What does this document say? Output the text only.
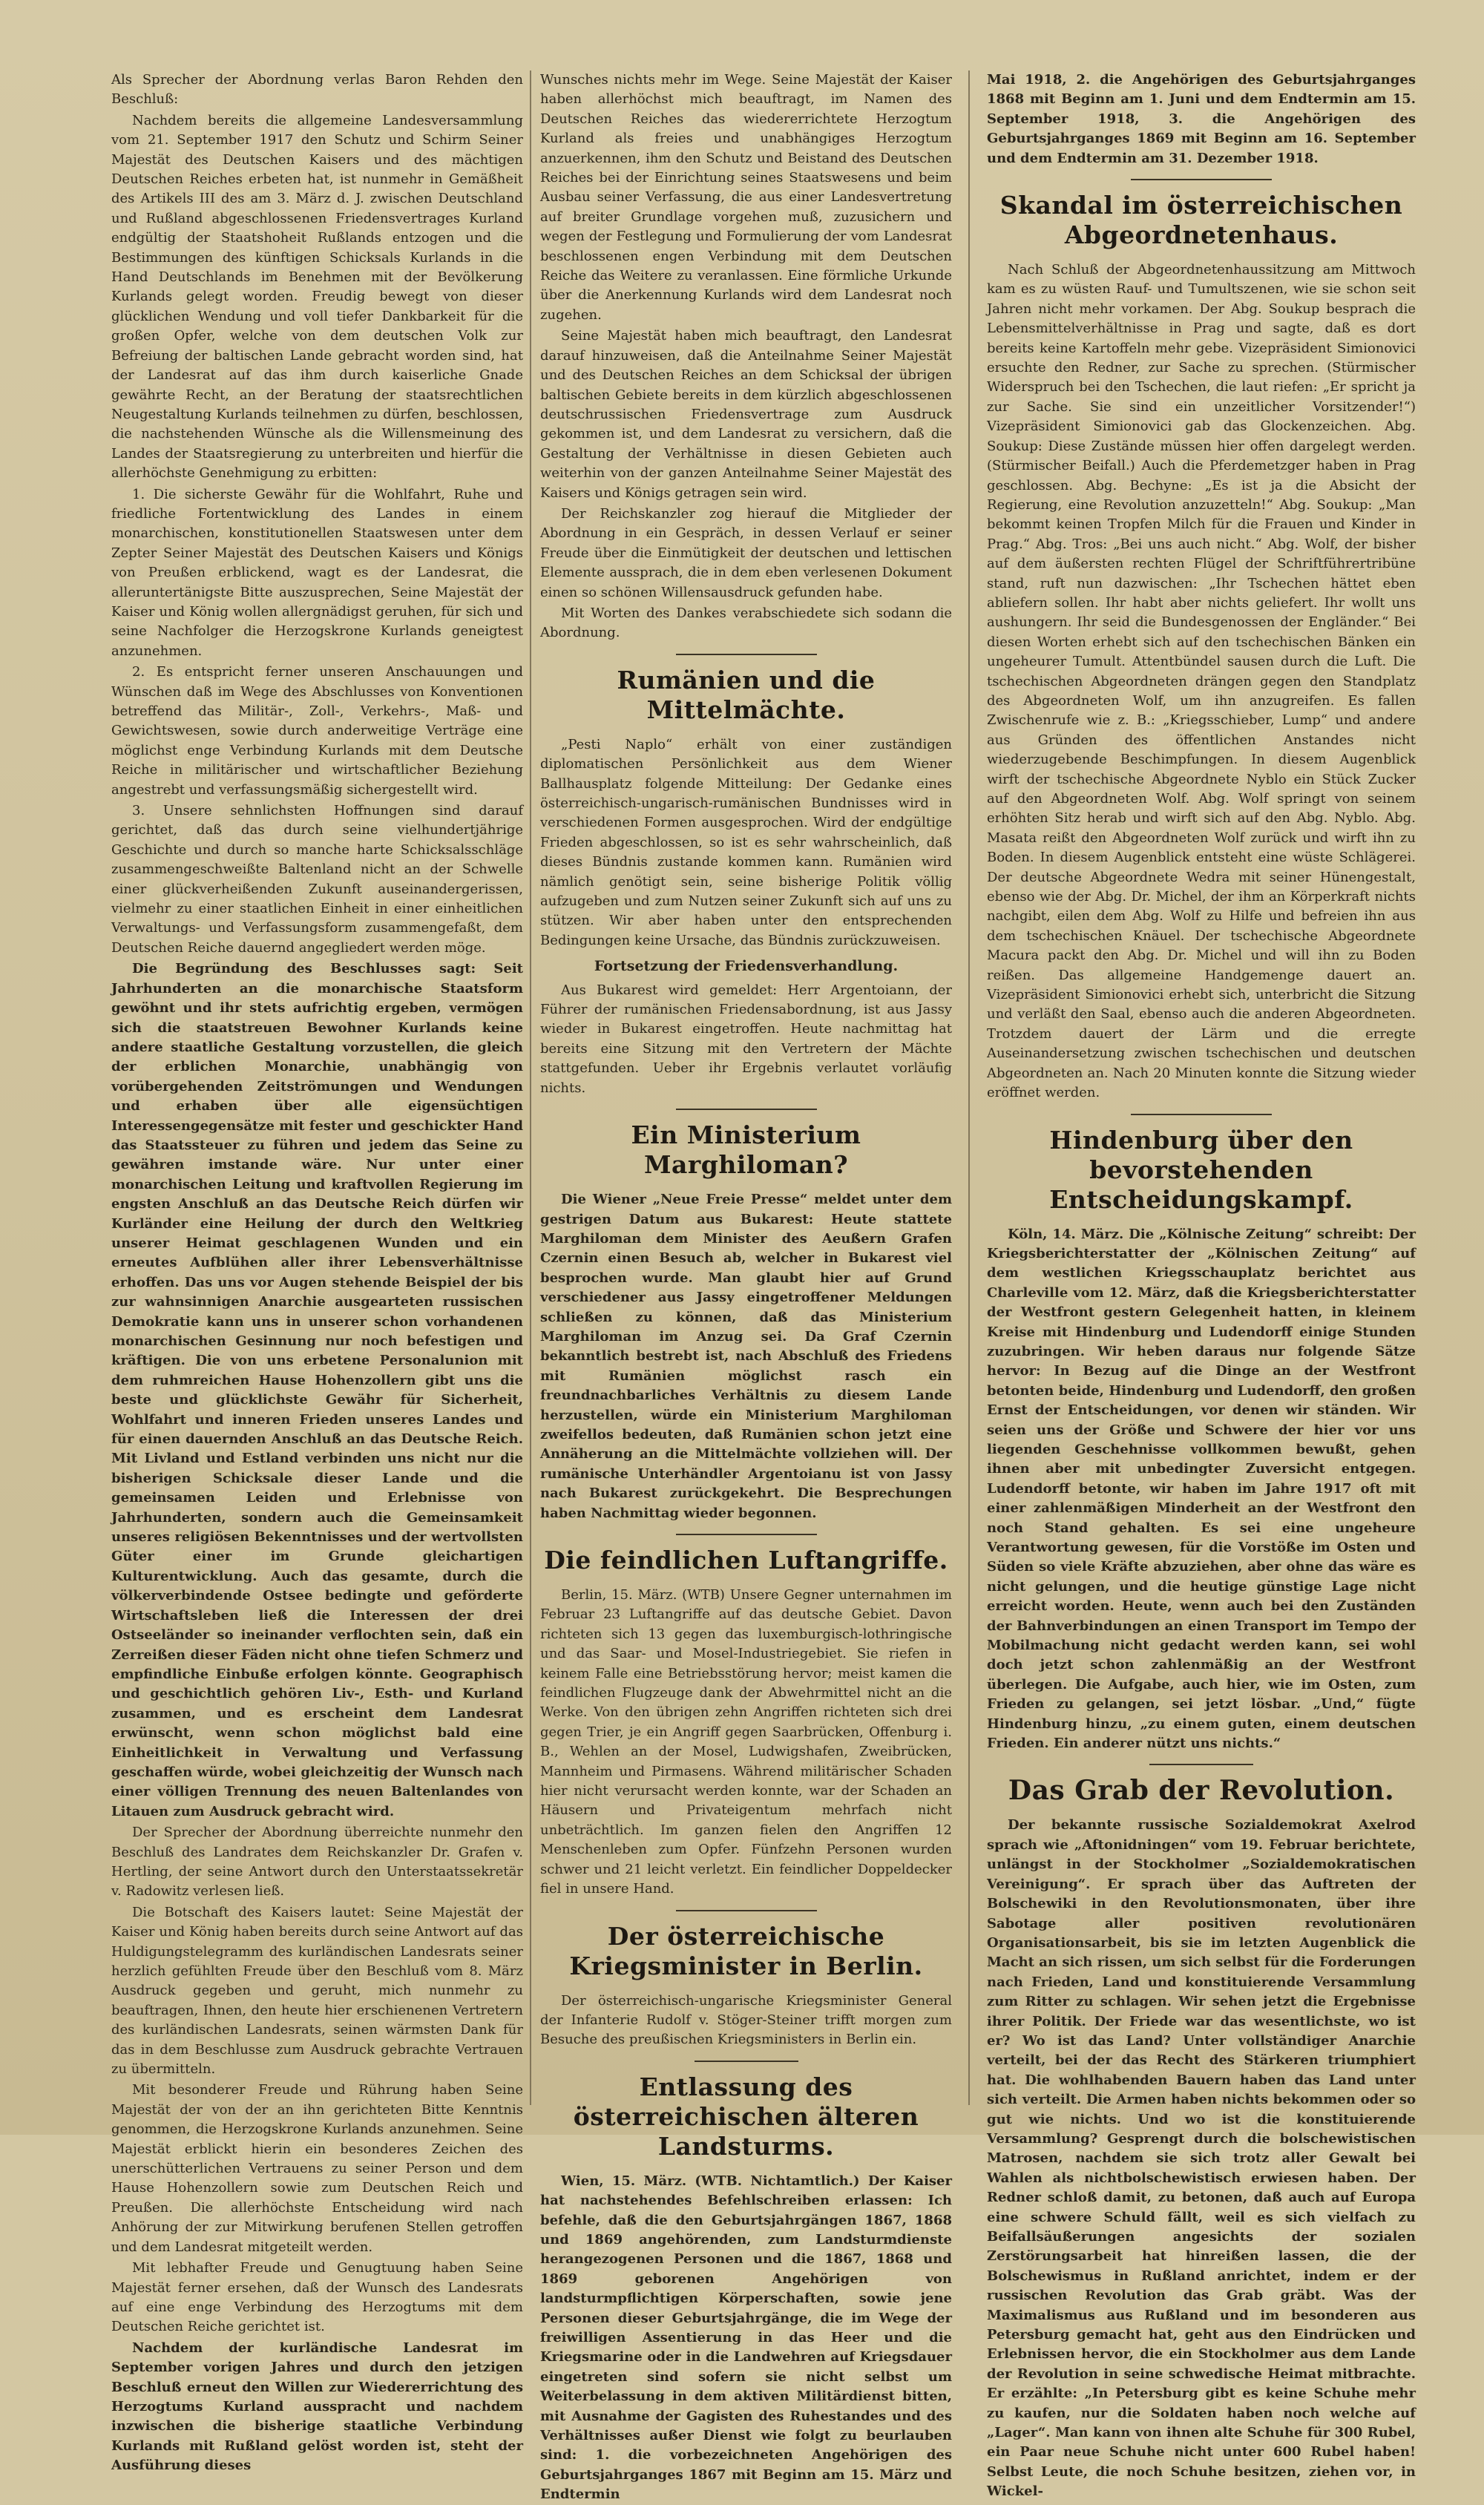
Als Sprecher der Abordnung verlas Baron Rehden den Beschluß:

Nachdem bereits die allgemeine Landesversammlung vom 21. September 1917 den Schutz und Schirm Seiner Majestät des Deutschen Kaisers und des mächtigen Deutschen Reiches erbeten hat, ist nunmehr in Gemäßheit des Artikels III des am 3. März d. J. zwischen Deutschland und Rußland abgeschlossenen Friedensvertrages Kurland endgültig der Staatshoheit Rußlands entzogen und die Bestimmungen des künftigen Schicksals Kurlands in die Hand Deutschlands im Benehmen mit der Bevölkerung Kurlands gelegt worden. Freudig bewegt von dieser glücklichen Wendung und voll tiefer Dankbarkeit für die großen Opfer, welche von dem deutschen Volk zur Befreiung der baltischen Lande gebracht worden sind, hat der Landesrat auf das ihm durch kaiserliche Gnade gewährte Recht, an der Beratung der staatsrechtlichen Neugestaltung Kurlands teilnehmen zu dürfen, beschlossen, die nachstehenden Wünsche als die Willensmeinung des Landes der Staatsregierung zu unterbreiten und hierfür die allerhöchste Genehmigung zu erbitten:

1. Die sicherste Gewähr für die Wohlfahrt, Ruhe und friedliche Fortentwicklung des Landes in einem monarchischen, konstitutionellen Staatswesen unter dem Zepter Seiner Majestät des Deutschen Kaisers und Königs von Preußen erblickend, wagt es der Landesrat, die alleruntertänigste Bitte auszusprechen, Seine Majestät der Kaiser und König wollen allergnädigst geruhen, für sich und seine Nachfolger die Herzogskrone Kurlands geneigtest anzunehmen.

2. Es entspricht ferner unseren Anschauungen und Wünschen daß im Wege des Abschlusses von Konventionen betreffend das Militär-, Zoll-, Verkehrs-, Maß- und Gewichtswesen, sowie durch anderweitige Verträge eine möglichst enge Verbindung Kurlands mit dem Deutsche Reiche in militärischer und wirtschaftlicher Beziehung angestrebt und verfassungsmäßig sichergestellt wird.

3. Unsere sehnlichsten Hoffnungen sind darauf gerichtet, daß das durch seine vielhundertjährige Geschichte und durch so manche harte Schicksalsschläge zusammengeschweißte Baltenland nicht an der Schwelle einer glückverheißenden Zukunft auseinandergerissen, vielmehr zu einer staatlichen Einheit in einer einheitlichen Verwaltungs- und Verfassungsform zusammengefaßt, dem Deutschen Reiche dauernd angegliedert werden möge.

Die Begründung des Beschlusses sagt: Seit Jahrhunderten an die monarchische Staatsform gewöhnt und ihr stets aufrichtig ergeben, vermögen sich die staatstreuen Bewohner Kurlands keine andere staatliche Gestaltung vorzustellen, die gleich der erblichen Monarchie, unabhängig von vorübergehenden Zeitströmungen und Wendungen und erhaben über alle eigensüchtigen Interessengegensätze mit fester und geschickter Hand das Staatssteuer zu führen und jedem das Seine zu gewähren imstande wäre. Nur unter einer monarchischen Leitung und kraftvollen Regierung im engsten Anschluß an das Deutsche Reich dürfen wir Kurländer eine Heilung der durch den Weltkrieg unserer Heimat geschlagenen Wunden und ein erneutes Aufblühen aller ihrer Lebensverhältnisse erhoffen. Das uns vor Augen stehende Beispiel der bis zur wahnsinnigen Anarchie ausgearteten russischen Demokratie kann uns in unserer schon vorhandenen monarchischen Gesinnung nur noch befestigen und kräftigen. Die von uns erbetene Personalunion mit dem ruhmreichen Hause Hohenzollern gibt uns die beste und glücklichste Gewähr für Sicherheit, Wohlfahrt und inneren Frieden unseres Landes und für einen dauernden Anschluß an das Deutsche Reich. Mit Livland und Estland verbinden uns nicht nur die bisherigen Schicksale dieser Lande und die gemeinsamen Leiden und Erlebnisse von Jahrhunderten, sondern auch die Gemeinsamkeit unseres religiösen Bekenntnisses und der wertvollsten Güter einer im Grunde gleichartigen Kulturentwicklung. Auch das gesamte, durch die völkerverbindende Ostsee bedingte und geförderte Wirtschaftsleben ließ die Interessen der drei Ostseeländer so ineinander verflochten sein, daß ein Zerreißen dieser Fäden nicht ohne tiefen Schmerz und empfindliche Einbuße erfolgen könnte. Geographisch und geschichtlich gehören Liv-, Esth- und Kurland zusammen, und es erscheint dem Landesrat erwünscht, wenn schon möglichst bald eine Einheitlichkeit in Verwaltung und Verfassung geschaffen würde, wobei gleichzeitig der Wunsch nach einer völligen Trennung des neuen Baltenlandes von Litauen zum Ausdruck gebracht wird.

Der Sprecher der Abordnung überreichte nunmehr den Beschluß des Landrates dem Reichskanzler Dr. Grafen v. Hertling, der seine Antwort durch den Unterstaatssekretär v. Radowitz verlesen ließ.

Die Botschaft des Kaisers lautet: Seine Majestät der Kaiser und König haben bereits durch seine Antwort auf das Huldigungstelegramm des kurländischen Landesrats seiner herzlich gefühlten Freude über den Beschluß vom 8. März Ausdruck gegeben und geruht, mich nunmehr zu beauftragen, Ihnen, den heute hier erschienenen Vertretern des kurländischen Landesrats, seinen wärmsten Dank für das in dem Beschlusse zum Ausdruck gebrachte Vertrauen zu übermitteln.

Mit besonderer Freude und Rührung haben Seine Majestät der von der an ihn gerichteten Bitte Kenntnis genommen, die Herzogskrone Kurlands anzunehmen. Seine Majestät erblickt hierin ein besonderes Zeichen des unerschütterlichen Vertrauens zu seiner Person und dem Hause Hohenzollern sowie zum Deutschen Reich und Preußen. Die allerhöchste Entscheidung wird nach Anhörung der zur Mitwirkung berufenen Stellen getroffen und dem Landesrat mitgeteilt werden.

Mit lebhafter Freude und Genugtuung haben Seine Majestät ferner ersehen, daß der Wunsch des Landesrats auf eine enge Verbindung des Herzogtums mit dem Deutschen Reiche gerichtet ist.

Nachdem der kurländische Landesrat im September vorigen Jahres und durch den jetzigen Beschluß erneut den Willen zur Wiedererrichtung des Herzogtums Kurland ausspracht und nachdem inzwischen die bisherige staatliche Verbindung Kurlands mit Rußland gelöst worden ist, steht der Ausführung dieses

Wunsches nichts mehr im Wege. Seine Majestät der Kaiser haben allerhöchst mich beauftragt, im Namen des Deutschen Reiches das wiedererrichtete Herzogtum Kurland als freies und unabhängiges Herzogtum anzuerkennen, ihm den Schutz und Beistand des Deutschen Reiches bei der Einrichtung seines Staatswesens und beim Ausbau seiner Verfassung, die aus einer Landesvertretung auf breiter Grundlage vorgehen muß, zuzusichern und wegen der Festlegung und Formulierung der vom Landesrat beschlossenen engen Verbindung mit dem Deutschen Reiche das Weitere zu veranlassen. Eine förmliche Urkunde über die Anerkennung Kurlands wird dem Landesrat noch zugehen.

Seine Majestät haben mich beauftragt, den Landesrat darauf hinzuweisen, daß die Anteilnahme Seiner Majestät und des Deutschen Reiches an dem Schicksal der übrigen baltischen Gebiete bereits in dem kürzlich abgeschlossenen deutschrussischen Friedensvertrage zum Ausdruck gekommen ist, und dem Landesrat zu versichern, daß die Gestaltung der Verhältnisse in diesen Gebieten auch weiterhin von der ganzen Anteilnahme Seiner Majestät des Kaisers und Königs getragen sein wird.

Der Reichskanzler zog hierauf die Mitglieder der Abordnung in ein Gespräch, in dessen Verlauf er seiner Freude über die Einmütigkeit der deutschen und lettischen Elemente aussprach, die in dem eben verlesenen Dokument einen so schönen Willensausdruck gefunden habe.

Mit Worten des Dankes verabschiedete sich sodann die Abordnung.

Rumänien und die Mittelmächte.

„Pesti Naplo“ erhält von einer zuständigen diplomatischen Persönlichkeit aus dem Wiener Ballhausplatz folgende Mitteilung: Der Gedanke eines österreichisch-ungarisch-rumänischen Bundnisses wird in verschiedenen Formen ausgesprochen. Wird der endgültige Frieden abgeschlossen, so ist es sehr wahrscheinlich, daß dieses Bündnis zustande kommen kann. Rumänien wird nämlich genötigt sein, seine bisherige Politik völlig aufzugeben und zum Nutzen seiner Zukunft sich auf uns zu stützen. Wir aber haben unter den entsprechenden Bedingungen keine Ursache, das Bündnis zurückzuweisen.

Fortsetzung der Friedensverhandlung.

Aus Bukarest wird gemeldet: Herr Argentoiann, der Führer der rumänischen Friedensabordnung, ist aus Jassy wieder in Bukarest eingetroffen. Heute nachmittag hat bereits eine Sitzung mit den Vertretern der Mächte stattgefunden. Ueber ihr Ergebnis verlautet vorläufig nichts.

Ein Ministerium Marghiloman?

Die Wiener „Neue Freie Presse“ meldet unter dem gestrigen Datum aus Bukarest: Heute stattete Marghiloman dem Minister des Aeußern Grafen Czernin einen Besuch ab, welcher in Bukarest viel besprochen wurde. Man glaubt hier auf Grund verschiedener aus Jassy eingetroffener Meldungen schließen zu können, daß das Ministerium Marghiloman im Anzug sei. Da Graf Czernin bekanntlich bestrebt ist, nach Abschluß des Friedens mit Rumänien möglichst rasch ein freundnachbarliches Verhältnis zu diesem Lande herzustellen, würde ein Ministerium Marghiloman zweifellos bedeuten, daß Rumänien schon jetzt eine Annäherung an die Mittelmächte vollziehen will. Der rumänische Unterhändler Argentoianu ist von Jassy nach Bukarest zurückgekehrt. Die Besprechungen haben Nachmittag wieder begonnen.

Die feindlichen Luftangriffe.

Berlin, 15. März. (WTB) Unsere Gegner unternahmen im Februar 23 Luftangriffe auf das deutsche Gebiet. Davon richteten sich 13 gegen das luxemburgisch-lothringische und das Saar- und Mosel-Industriegebiet. Sie riefen in keinem Falle eine Betriebsstörung hervor; meist kamen die feindlichen Flugzeuge dank der Abwehrmittel nicht an die Werke. Von den übrigen zehn Angriffen richteten sich drei gegen Trier, je ein Angriff gegen Saarbrücken, Offenburg i. B., Wehlen an der Mosel, Ludwigshafen, Zweibrücken, Mannheim und Pirmasens. Während militärischer Schaden hier nicht verursacht werden konnte, war der Schaden an Häusern und Privateigentum mehrfach nicht unbeträchtlich. Im ganzen fielen den Angriffen 12 Menschenleben zum Opfer. Fünfzehn Personen wurden schwer und 21 leicht verletzt. Ein feindlicher Doppeldecker fiel in unsere Hand.

Der österreichische Kriegsminister in Berlin.

Der österreichisch-ungarische Kriegsminister General der Infanterie Rudolf v. Stöger-Steiner trifft morgen zum Besuche des preußischen Kriegsministers in Berlin ein.

Entlassung des österreichischen älteren Landsturms.

Wien, 15. März. (WTB. Nichtamtlich.) Der Kaiser hat nachstehendes Befehlschreiben erlassen: Ich befehle, daß die den Geburtsjahrgängen 1867, 1868 und 1869 angehörenden, zum Landsturmdienste herangezogenen Personen und die 1867, 1868 und 1869 geborenen Angehörigen von landsturmpflichtigen Körperschaften, sowie jene Personen dieser Geburtsjahrgänge, die im Wege der freiwilligen Assentierung in das Heer und die Kriegsmarine oder in die Landwehren auf Kriegsdauer eingetreten sind sofern sie nicht selbst um Weiterbelassung in dem aktiven Militärdienst bitten, mit Ausnahme der Gagisten des Ruhestandes und des Verhältnisses außer Dienst wie folgt zu beurlauben sind: 1. die vorbezeichneten Angehörigen des Geburtsjahrganges 1867 mit Beginn am 15. März und Endtermin

Mai 1918, 2. die Angehörigen des Geburtsjahrganges 1868 mit Beginn am 1. Juni und dem Endtermin am 15. September 1918, 3. die Angehörigen des Geburtsjahrganges 1869 mit Beginn am 16. September und dem Endtermin am 31. Dezember 1918.

Skandal im österreichischen Abgeordnetenhaus.

Nach Schluß der Abgeordnetenhaussitzung am Mittwoch kam es zu wüsten Rauf- und Tumultszenen, wie sie schon seit Jahren nicht mehr vorkamen. Der Abg. Soukup besprach die Lebensmittelverhältnisse in Prag und sagte, daß es dort bereits keine Kartoffeln mehr gebe. Vizepräsident Simionovici ersuchte den Redner, zur Sache zu sprechen. (Stürmischer Widerspruch bei den Tschechen, die laut riefen: „Er spricht ja zur Sache. Sie sind ein unzeitlicher Vorsitzender!“) Vizepräsident Simionovici gab das Glockenzeichen. Abg. Soukup: Diese Zustände müssen hier offen dargelegt werden. (Stürmischer Beifall.) Auch die Pferdemetzger haben in Prag geschlossen. Abg. Bechyne: „Es ist ja die Absicht der Regierung, eine Revolution anzuzetteln!“ Abg. Soukup: „Man bekommt keinen Tropfen Milch für die Frauen und Kinder in Prag.“ Abg. Tros: „Bei uns auch nicht.“ Abg. Wolf, der bisher auf dem äußersten rechten Flügel der Schriftführertribüne stand, ruft nun dazwischen: „Ihr Tschechen hättet eben abliefern sollen. Ihr habt aber nichts geliefert. Ihr wollt uns aushungern. Ihr seid die Bundesgenossen der Engländer.“ Bei diesen Worten erhebt sich auf den tschechischen Bänken ein ungeheurer Tumult. Attentbündel sausen durch die Luft. Die tschechischen Abgeordneten drängen gegen den Standplatz des Abgeordneten Wolf, um ihn anzugreifen. Es fallen Zwischenrufe wie z. B.: „Kriegsschieber, Lump“ und andere aus Gründen des öffentlichen Anstandes nicht wiederzugebende Beschimpfungen. In diesem Augenblick wirft der tschechische Abgeordnete Nyblo ein Stück Zucker auf den Abgeordneten Wolf. Abg. Wolf springt von seinem erhöhten Sitz herab und wirft sich auf den Abg. Nyblo. Abg. Masata reißt den Abgeordneten Wolf zurück und wirft ihn zu Boden. In diesem Augenblick entsteht eine wüste Schlägerei. Der deutsche Abgeordnete Wedra mit seiner Hünengestalt, ebenso wie der Abg. Dr. Michel, der ihm an Körperkraft nichts nachgibt, eilen dem Abg. Wolf zu Hilfe und befreien ihn aus dem tschechischen Knäuel. Der tschechische Abgeordnete Macura packt den Abg. Dr. Michel und will ihn zu Boden reißen. Das allgemeine Handgemenge dauert an. Vizepräsident Simionovici erhebt sich, unterbricht die Sitzung und verläßt den Saal, ebenso auch die anderen Abgeordneten. Trotzdem dauert der Lärm und die erregte Auseinandersetzung zwischen tschechischen und deutschen Abgeordneten an. Nach 20 Minuten konnte die Sitzung wieder eröffnet werden.

Hindenburg über den bevorstehenden Entscheidungskampf.

Köln, 14. März. Die „Kölnische Zeitung“ schreibt: Der Kriegsberichterstatter der „Kölnischen Zeitung“ auf dem westlichen Kriegsschauplatz berichtet aus Charleville vom 12. März, daß die Kriegsberichterstatter der Westfront gestern Gelegenheit hatten, in kleinem Kreise mit Hindenburg und Ludendorff einige Stunden zuzubringen. Wir heben daraus nur folgende Sätze hervor: In Bezug auf die Dinge an der Westfront betonten beide, Hindenburg und Ludendorff, den großen Ernst der Entscheidungen, vor denen wir ständen. Wir seien uns der Größe und Schwere der hier vor uns liegenden Geschehnisse vollkommen bewußt, gehen ihnen aber mit unbedingter Zuversicht entgegen. Ludendorff betonte, wir haben im Jahre 1917 oft mit einer zahlenmäßigen Minderheit an der Westfront den noch Stand gehalten. Es sei eine ungeheure Verantwortung gewesen, für die Vorstöße im Osten und Süden so viele Kräfte abzuziehen, aber ohne das wäre es nicht gelungen, und die heutige günstige Lage nicht erreicht worden. Heute, wenn auch bei den Zuständen der Bahnverbindungen an einen Transport im Tempo der Mobilmachung nicht gedacht werden kann, sei wohl doch jetzt schon zahlenmäßig an der Westfront überlegen. Die Aufgabe, auch hier, wie im Osten, zum Frieden zu gelangen, sei jetzt lösbar. „Und,“ fügte Hindenburg hinzu, „zu einem guten, einem deutschen Frieden. Ein anderer nützt uns nichts.“

Das Grab der Revolution.

Der bekannte russische Sozialdemokrat Axelrod sprach wie „Aftonidningen“ vom 19. Februar berichtete, unlängst in der Stockholmer „Sozialdemokratischen Vereinigung“. Er sprach über das Auftreten der Bolschewiki in den Revolutionsmonaten, über ihre Sabotage aller positiven revolutionären Organisationsarbeit, bis sie im letzten Augenblick die Macht an sich rissen, um sich selbst für die Forderungen nach Frieden, Land und konstituierende Versammlung zum Ritter zu schlagen. Wir sehen jetzt die Ergebnisse ihrer Politik. Der Friede war das wesentlichste, wo ist er? Wo ist das Land? Unter vollständiger Anarchie verteilt, bei der das Recht des Stärkeren triumphiert hat. Die wohlhabenden Bauern haben das Land unter sich verteilt. Die Armen haben nichts bekommen oder so gut wie nichts. Und wo ist die konstituierende Versammlung? Gesprengt durch die bolschewistischen Matrosen, nachdem sie sich trotz aller Gewalt bei Wahlen als nichtbolschewistisch erwiesen haben. Der Redner schloß damit, zu betonen, daß auch auf Europa eine schwere Schuld fällt, weil es sich vielfach zu Beifallsäußerungen angesichts der sozialen Zerstörungsarbeit hat hinreißen lassen, die der Bolschewismus in Rußland anrichtet, indem er der russischen Revolution das Grab gräbt. Was der Maximalismus aus Rußland und im besonderen aus Petersburg gemacht hat, geht aus den Eindrücken und Erlebnissen hervor, die ein Stockholmer aus dem Lande der Revolution in seine schwedische Heimat mitbrachte. Er erzählte: „In Petersburg gibt es keine Schuhe mehr zu kaufen, nur die Soldaten haben noch welche auf „Lager“. Man kann von ihnen alte Schuhe für 300 Rubel, ein Paar neue Schuhe nicht unter 600 Rubel haben! Selbst Leute, die noch Schuhe besitzen, ziehen vor, in Wickel-
